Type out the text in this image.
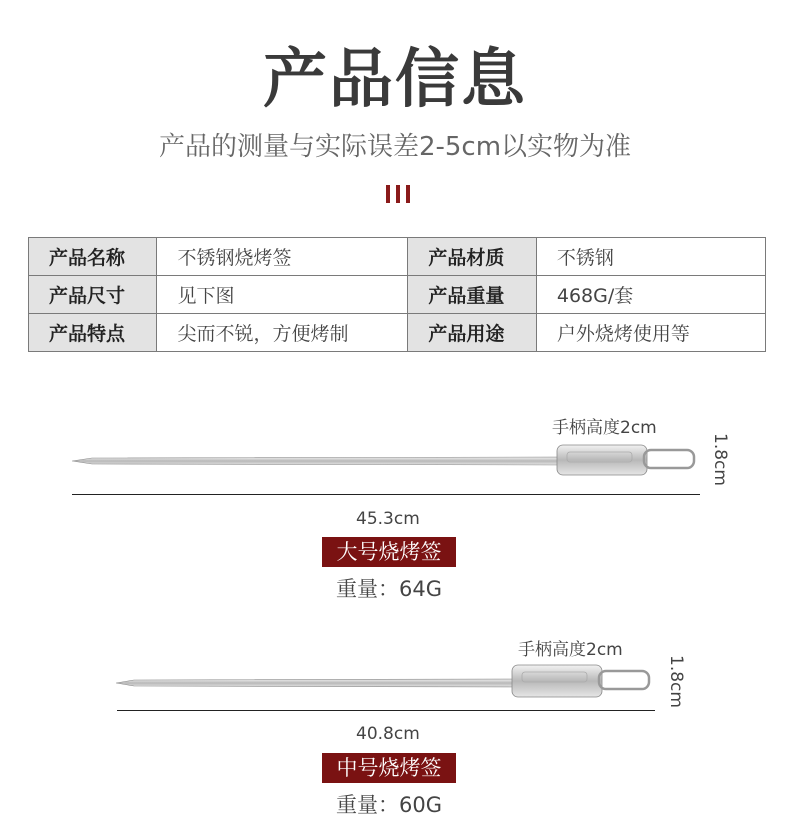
产品信息
产品的测量与实际误差2-5cm以实物为准
产品名称	不锈钢烧烤签	产品材质	不锈钢
产品尺寸	见下图	产品重量	468G/套
产品特点	尖而不锐，方便烤制	产品用途	户外烧烤使用等
手柄高度2cm
1.8cm
45.3cm
大号烧烤签
重量：64G
手柄高度2cm
1.8cm
40.8cm
中号烧烤签
重量：60G
